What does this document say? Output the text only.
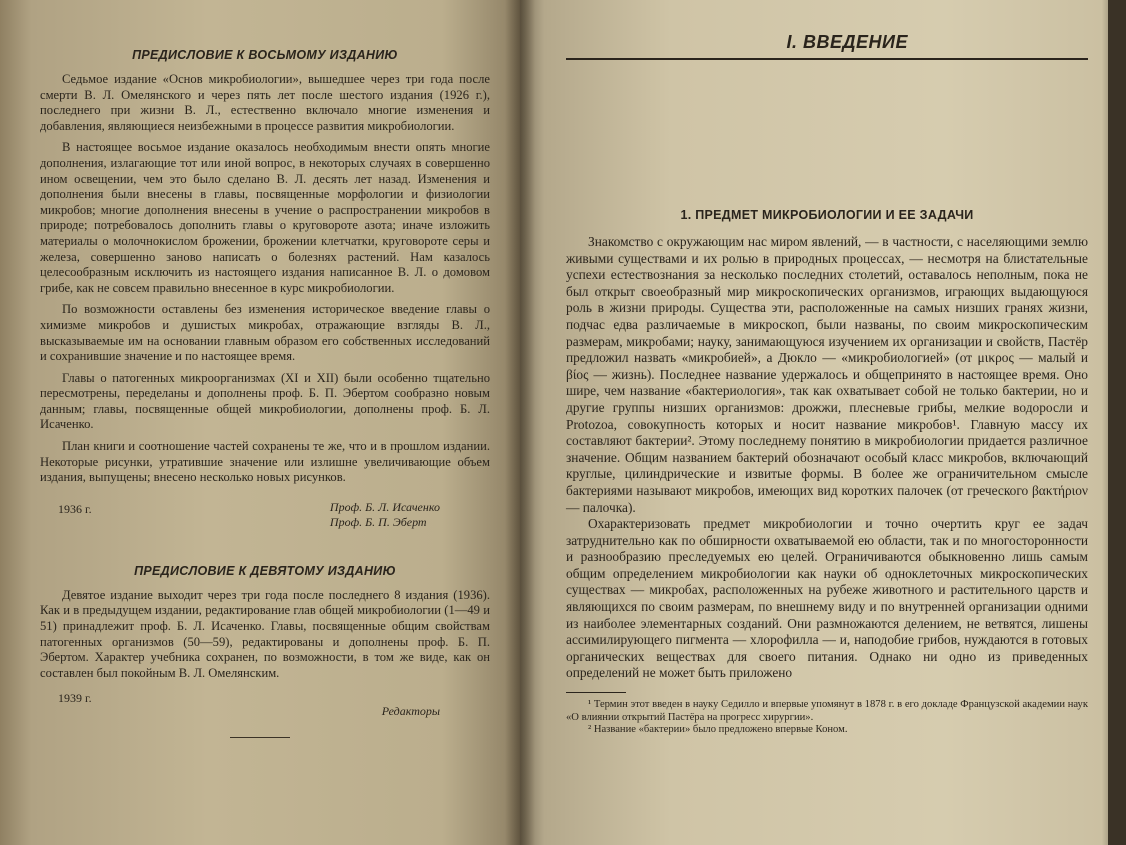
ПРЕДИСЛОВИЕ К ВОСЬМОМУ ИЗДАНИЮ

Седьмое издание «Основ микробиологии», вышедшее через три года после смерти В. Л. Омелянского и через пять лет после шестого издания (1926 г.), последнего при жизни В. Л., естественно включало многие изменения и добавления, являющиеся неизбежными в процессе развития микробиологии.

В настоящее восьмое издание оказалось необходимым внести опять многие дополнения, излагающие тот или иной вопрос, в некоторых случаях в совершенно ином освещении, чем это было сделано В. Л. десять лет назад. Изменения и дополнения были внесены в главы, посвященные морфологии и физиологии микробов; многие дополнения внесены в учение о распространении микробов в природе; потребовалось дополнить главы о круговороте азота; иначе изложить материалы о молочнокислом брожении, брожении клетчатки, круговороте серы и железа, совершенно заново написать о болезнях растений. Нам казалось целесообразным исключить из настоящего издания написанное В. Л. о домовом грибе, как не совсем правильно внесенное в курс микробиологии.

По возможности оставлены без изменения историческое введение главы о химизме микробов и душистых микробах, отражающие взгляды В. Л., высказываемые им на основании главным образом его собственных исследований и сохранившие значение и по настоящее время.

Главы о патогенных микроорганизмах (XI и XII) были особенно тщательно пересмотрены, переделаны и дополнены проф. Б. П. Эбертом сообразно новым данным; главы, посвященные общей микробиологии, дополнены проф. Б. Л. Исаченко.

План книги и соотношение частей сохранены те же, что и в прошлом издании. Некоторые рисунки, утратившие значение или излишне увеличивающие объем издания, выпущены; внесено несколько новых рисунков.

1936 г.	Проф. Б. Л. Исаченко
Проф. Б. П. Эберт
ПРЕДИСЛОВИЕ К ДЕВЯТОМУ ИЗДАНИЮ

Девятое издание выходит через три года после последнего 8 издания (1936). Как и в предыдущем издании, редактирование глав общей микробиологии (1—49 и 51) принадлежит проф. Б. Л. Исаченко. Главы, посвященные общим свойствам патогенных организмов (50—59), редактированы и дополнены проф. Б. П. Эбертом. Характер учебника сохранен, по возможности, в том же виде, как он составлен был покойным В. Л. Омелянским.

1939 г.
Редакторы
I. ВВЕДЕНИЕ
1. ПРЕДМЕТ МИКРОБИОЛОГИИ И ЕЕ ЗАДАЧИ

Знакомство с окружающим нас миром явлений, — в частности, с населяющими землю живыми существами и их ролью в природных процессах, — несмотря на блистательные успехи естествознания за несколько последних столетий, оставалось неполным, пока не был открыт своеобразный мир микроскопических организмов, играющих выдающуюся роль в жизни природы. Существа эти, расположенные на самых низших гранях жизни, подчас едва различаемые в микроскоп, были названы, по своим микроскопическим размерам, микробами; науку, занимающуюся изучением их организации и свойств, Пастёр предложил назвать «микробией», а Дюкло — «микробиологией» (от μικρος — малый и βίος — жизнь). Последнее название удержалось и общепринято в настоящее время. Оно шире, чем название «бактериология», так как охватывает собой не только бактерии, но и другие группы низших организмов: дрожжи, плесневые грибы, мелкие водоросли и Protozoa, совокупность которых и носит название микробов¹. Главную массу их составляют бактерии². Этому последнему понятию в микробиологии придается различное значение. Общим названием бактерий обозначают особый класс микробов, включающий круглые, цилиндрические и извитые формы. В более же ограничительном смысле бактериями называют микробов, имеющих вид коротких палочек (от греческого βακτήριον — палочка).

Охарактеризовать предмет микробиологии и точно очертить круг ее задач затруднительно как по обширности охватываемой ею области, так и по многосторонности и разнообразию преследуемых ею целей. Ограничиваются обыкновенно лишь самым общим определением микробиологии как науки об одноклеточных микроскопических существах — микробах, расположенных на рубеже животного и растительного царств и являющихся по своим размерам, по внешнему виду и по внутренней организации одними из наиболее элементарных созданий. Они размножаются делением, не ветвятся, лишены ассимилирующего пигмента — хлорофилла — и, наподобие грибов, нуждаются в готовых органических веществах для своего питания. Однако ни одно из приведенных определений не может быть приложено

¹ Термин этот введен в науку Седилло и впервые упомянут в 1878 г. в его докладе Французской академии наук «О влиянии открытий Пастёра на прогресс хирургии».

² Название «бактерии» было предложено впервые Коном.
